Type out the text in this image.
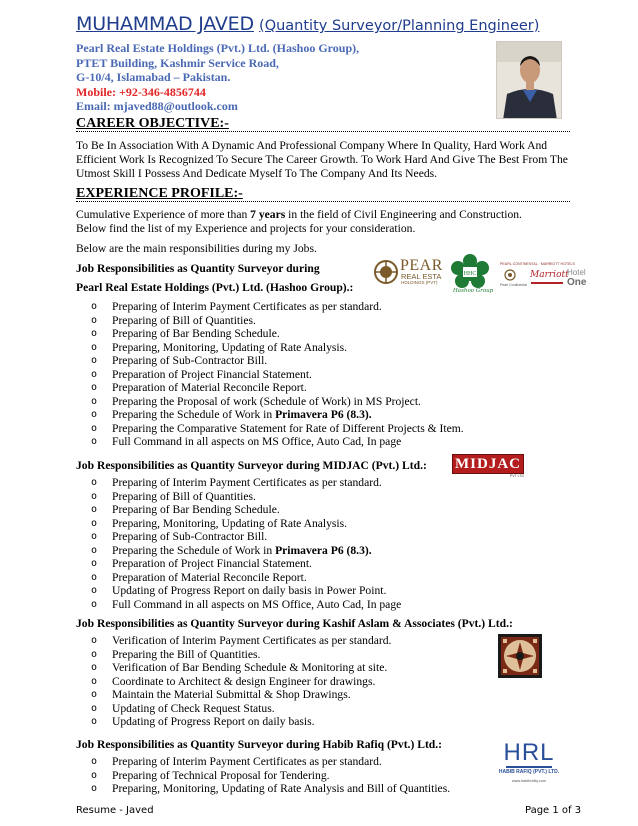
MUHAMMAD JAVED (Quantity Surveyor/Planning Engineer)
Pearl Real Estate Holdings (Pvt.) Ltd. (Hashoo Group),
PTET Building, Kashmir Service Road,
G-10/4, Islamabad – Pakistan.
Mobile: +92-346-4856744
Email: mjaved88@outlook.com
CAREER OBJECTIVE:-
To Be In Association With A Dynamic And Professional Company Where In Quality, Hard Work And Efficient Work Is Recognized To Secure The Career Growth. To Work Hard And Give The Best From The Utmost Skill I Possess And Dedicate Myself To The Company And Its Needs.
EXPERIENCE PROFILE:-
Cumulative Experience of more than 7 years in the field of Civil Engineering and Construction.
Below find the list of my Experience and projects for your consideration.
Below are the main responsibilities during my Jobs.
Job Responsibilities as Quantity Surveyor during
Pearl Real Estate Holdings (Pvt.) Ltd. (Hashoo Group).:
o Preparing of Interim Payment Certificates as per standard.
o Preparing of Bill of Quantities.
o Preparing of Bar Bending Schedule.
o Preparing, Monitoring, Updating of Rate Analysis.
o Preparing of Sub-Contractor Bill.
o Preparation of Project Financial Statement.
o Preparation of Material Reconcile Report.
o Preparing the Proposal of work (Schedule of Work) in MS Project.
o Preparing the Schedule of Work in Primavera P6 (8.3).
o Preparing the Comparative Statement for Rate of Different Projects & Item.
o Full Command in all aspects on MS Office, Auto Cad, In page
PEAR
REAL ESTA
HOLDINGS (PVT)
HHC
Hashoo Group
PEARL CONTINENTAL · MARRIOTT HOTELS
Pearl Continental
Marriott
Hotel
One
Job Responsibilities as Quantity Surveyor during MIDJAC (Pvt.) Ltd.:
o Preparing of Interim Payment Certificates as per standard.
o Preparing of Bill of Quantities.
o Preparing of Bar Bending Schedule.
o Preparing, Monitoring, Updating of Rate Analysis.
o Preparing of Sub-Contractor Bill.
o Preparing the Schedule of Work in Primavera P6 (8.3).
o Preparation of Project Financial Statement.
o Preparation of Material Reconcile Report.
o Updating of Progress Report on daily basis in Power Point.
o Full Command in all aspects on MS Office, Auto Cad, In page
MIDJAC
PVT LTD
Job Responsibilities as Quantity Surveyor during Kashif Aslam & Associates (Pvt.) Ltd.:
o Verification of Interim Payment Certificates as per standard.
o Preparing the Bill of Quantities.
o Verification of Bar Bending Schedule & Monitoring at site.
o Coordinate to Architect & design Engineer for drawings.
o Maintain the Material Submittal & Shop Drawings.
o Updating of Check Request Status.
o Updating of Progress Report on daily basis.
Job Responsibilities as Quantity Surveyor during Habib Rafiq (Pvt.) Ltd.:
o Preparing of Interim Payment Certificates as per standard.
o Preparing of Technical Proposal for Tendering.
o Preparing, Monitoring, Updating of Rate Analysis and Bill of Quantities.
HRL
HABIB RAFIQ (PVT.) LTD.
www.habibrafiq.com
Resume - Javed	Page 1 of 3
